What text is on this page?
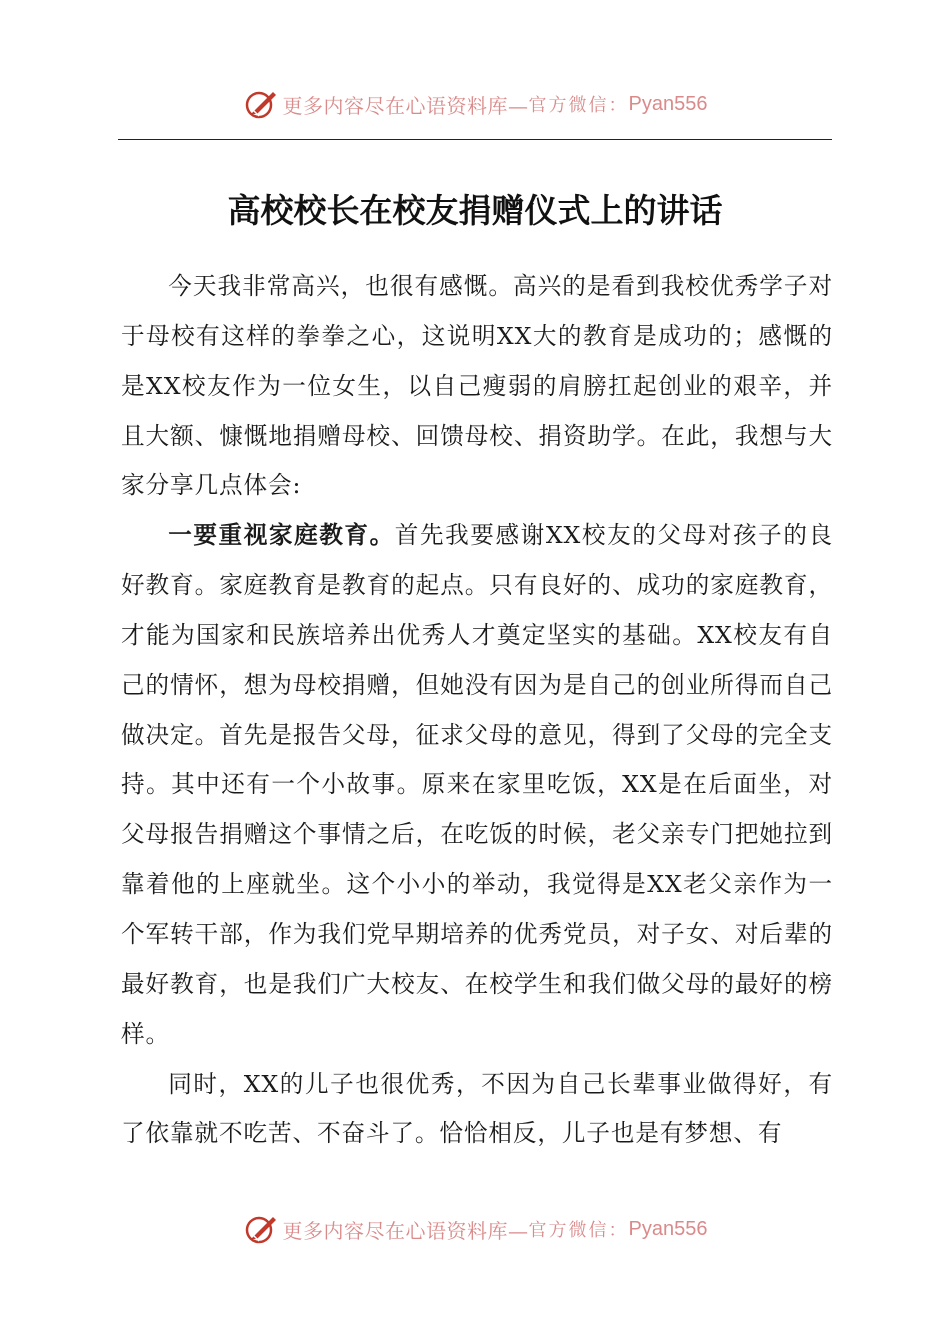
更多内容尽在心语资料库— 官方微信： Pyan556
高校校长在校友捐赠仪式上的讲话

今天我非常高兴，也很有感慨。高兴的是看到我校优秀学子对于母校有这样的拳拳之心，这说明XX大的教育是成功的；感慨的是XX校友作为一位女生，以自己瘦弱的肩膀扛起创业的艰辛，并且大额、慷慨地捐赠母校、回馈母校、捐资助学。在此，我想与大家分享几点体会:

一要重视家庭教育。首先我要感谢XX校友的父母对孩子的良好教育。家庭教育是教育的起点。只有良好的、成功的家庭教育，才能为国家和民族培养出优秀人才奠定坚实的基础。XX校友有自己的情怀，想为母校捐赠，但她没有因为是自己的创业所得而自己做决定。首先是报告父母，征求父母的意见，得到了父母的完全支持。其中还有一个小故事。原来在家里吃饭，XX是在后面坐，对父母报告捐赠这个事情之后，在吃饭的时候，老父亲专门把她拉到靠着他的上座就坐。这个小小的举动，我觉得是XX老父亲作为一个军转干部，作为我们党早期培养的优秀党员，对子女、对后辈的最好教育，也是我们广大校友、在校学生和我们做父母的最好的榜样。

同时，XX的儿子也很优秀，不因为自己长辈事业做得好，有了依靠就不吃苦、不奋斗了。恰恰相反，儿子也是有梦想、有

更多内容尽在心语资料库— 官方微信： Pyan556
